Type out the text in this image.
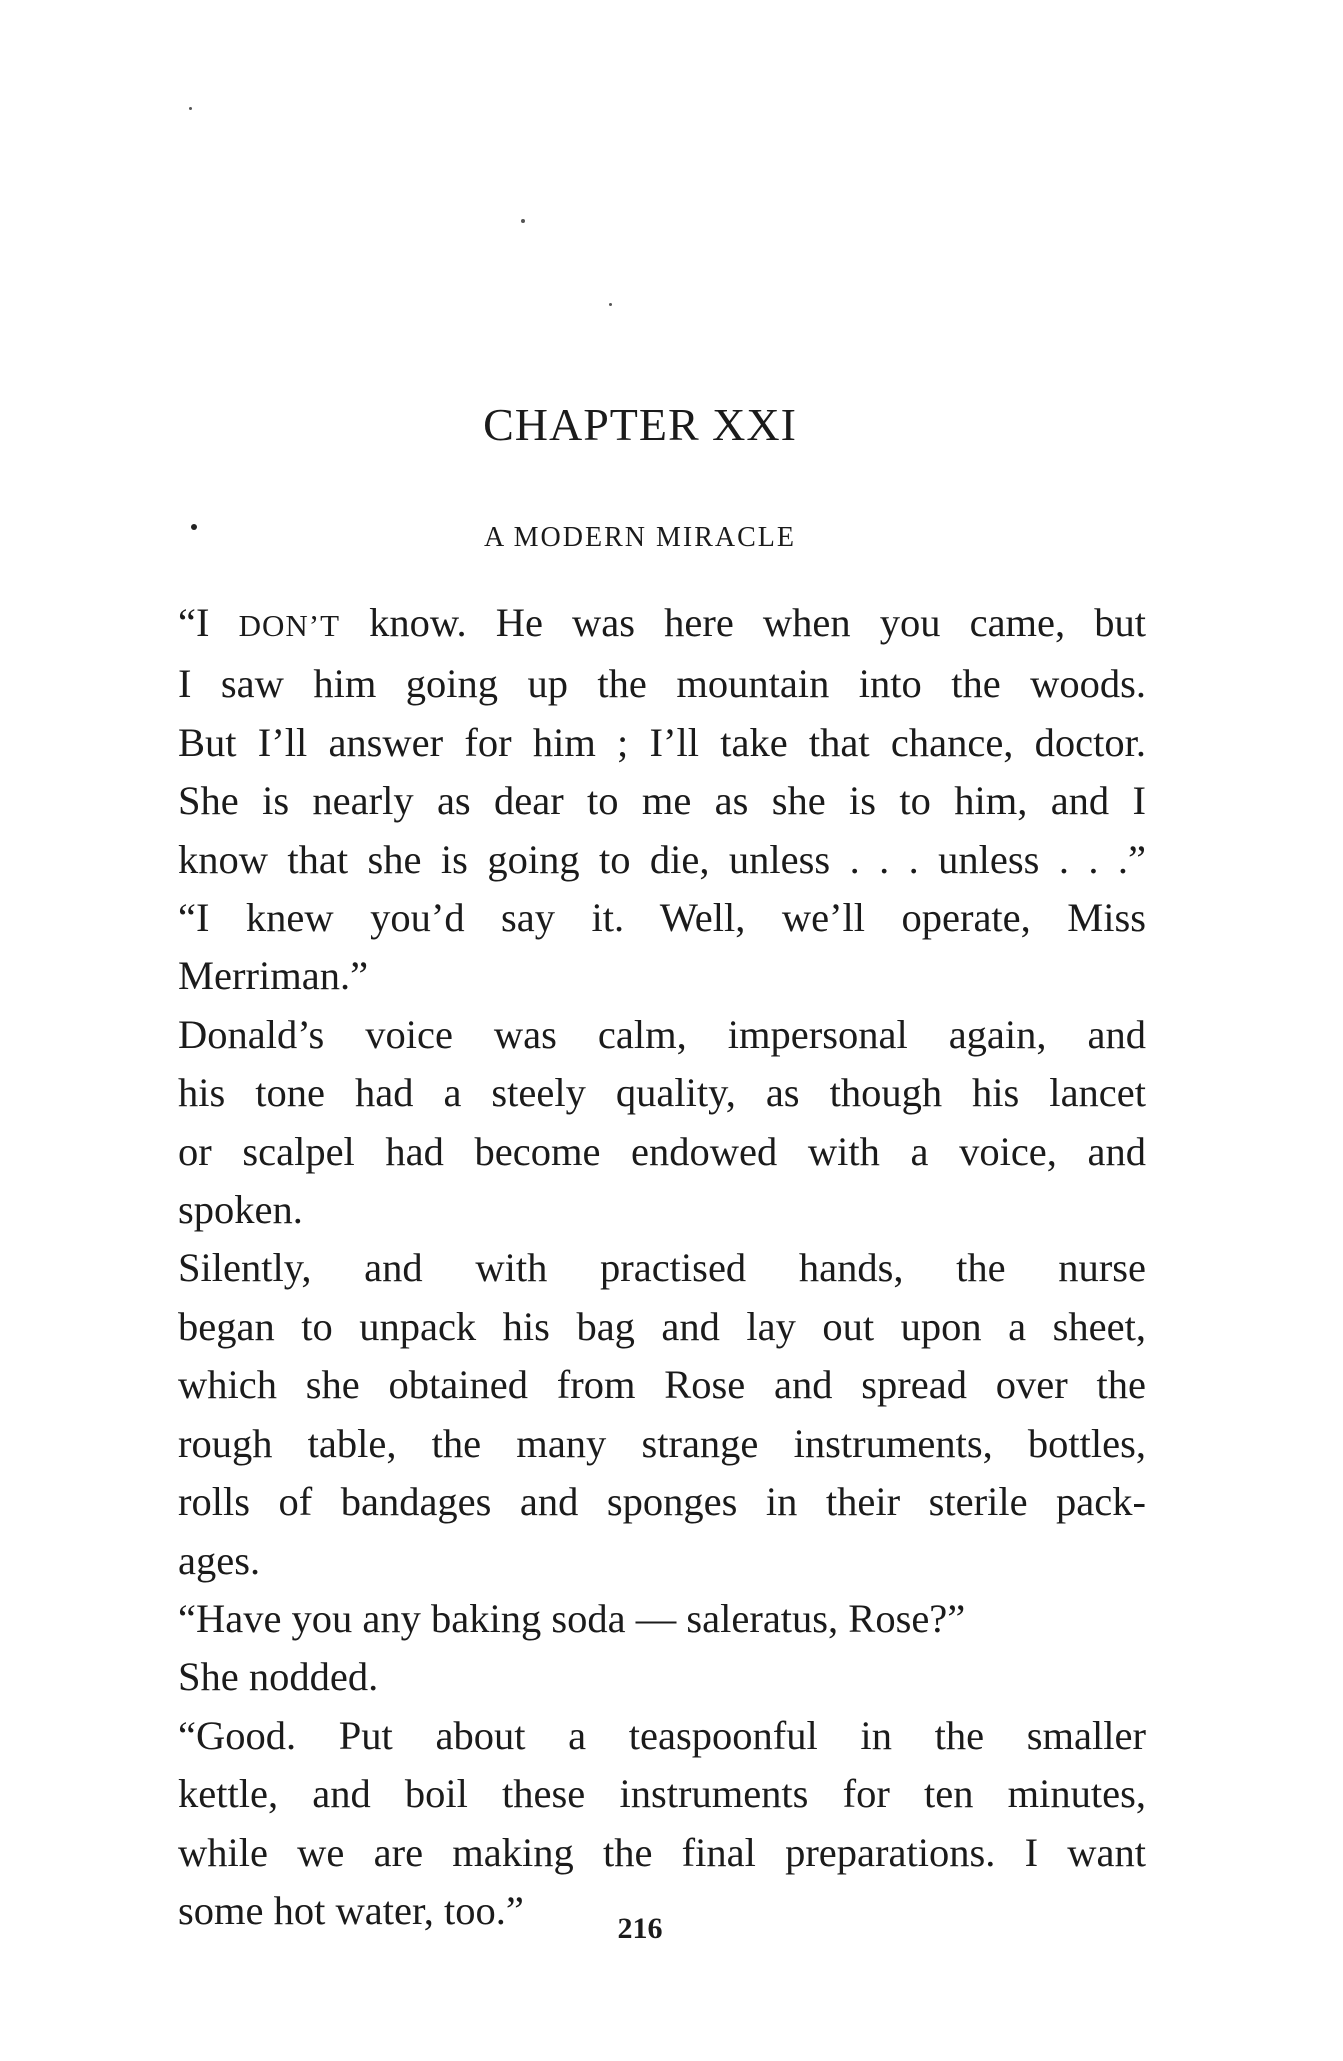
CHAPTER XXI
A MODERN MIRACLE

“I DON’T know. He was here when you came, but
I saw him going up the mountain into the woods.
But I’ll answer for him ; I’ll take that chance, doctor.
She is nearly as dear to me as she is to him, and I
know that she is going to die, unless . . . unless . . .”

“I knew you’d say it. Well, we’ll operate, Miss
Merriman.”

Donald’s voice was calm, impersonal again, and
his tone had a steely quality, as though his lancet
or scalpel had become endowed with a voice, and
spoken.

Silently, and with practised hands, the nurse
began to unpack his bag and lay out upon a sheet,
which she obtained from Rose and spread over the
rough table, the many strange instruments, bottles,
rolls of bandages and sponges in their sterile pack-
ages.

“Have you any baking soda — saleratus, Rose?”

She nodded.

“Good. Put about a teaspoonful in the smaller
kettle, and boil these instruments for ten minutes,
while we are making the final preparations. I want
some hot water, too.”	216
